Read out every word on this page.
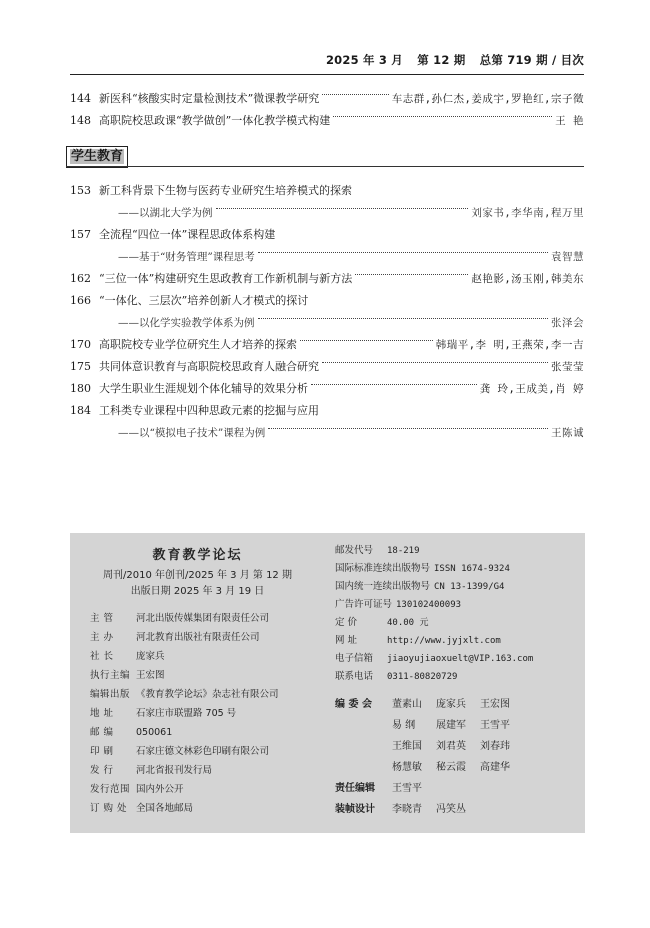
2025 年 3 月 第 12 期 总第 719 期 / 目次
144 新医科“核酸实时定量检测技术”微课教学研究	车志群,孙仁杰,姜成宇,罗艳红,宗子徵
148 高职院校思政课“教学做创”一体化教学模式构建	王 艳
学生教育
153 新工科背景下生物与医药专业研究生培养模式的探索
——以湖北大学为例	刘家书,李华南,程万里
157 全流程“四位一体”课程思政体系构建
——基于“财务管理”课程思考	袁智慧
162 “三位一体”构建研究生思政教育工作新机制与新方法	赵艳影,汤玉刚,韩美东
166 “一体化、三层次”培养创新人才模式的探讨
——以化学实验教学体系为例	张泽会
170 高职院校专业学位研究生人才培养的探索	韩瑞平,李 明,王燕荣,李一吉
175 共同体意识教育与高职院校思政育人融合研究	张莹莹
180 大学生职业生涯规划个体化辅导的效果分析	龚 玲,王成美,肖 婷
184 工科类专业课程中四种思政元素的挖掘与应用
——以“模拟电子技术”课程为例	王陈诚
教育教学论坛
周刊/2010 年创刊/2025 年 3 月 第 12 期
出版日期 2025 年 3 月 19 日
主 管 河北出版传媒集团有限责任公司
主 办 河北教育出版社有限责任公司
社 长 庞家兵
执行主编 王宏图
编辑出版 《教育教学论坛》杂志社有限公司
地 址 石家庄市联盟路 705 号
邮 编 050061
印 刷 石家庄德文林彩色印刷有限公司
发 行 河北省报刊发行局
发行范围 国内外公开
订 购 处 全国各地邮局
邮发代号 18-219
国际标准连续出版物号 ISSN 1674-9324
国内统一连续出版物号 CN 13-1399/G4
广告许可证号 130102400093
定 价	40.00 元
网 址	http://www.jyjxlt.com
电子信箱 jiaoyujiaoxuelt@VIP.163.com
联系电话 0311-80820729
编 委 会 董素山 庞家兵 王宏图
易 纲 展建军 王雪平
王维国 刘君英 刘春玮
杨慧敏 秘云霞 高建华
责任编辑 王雪平
装帧设计 李晓青 冯笑丛
